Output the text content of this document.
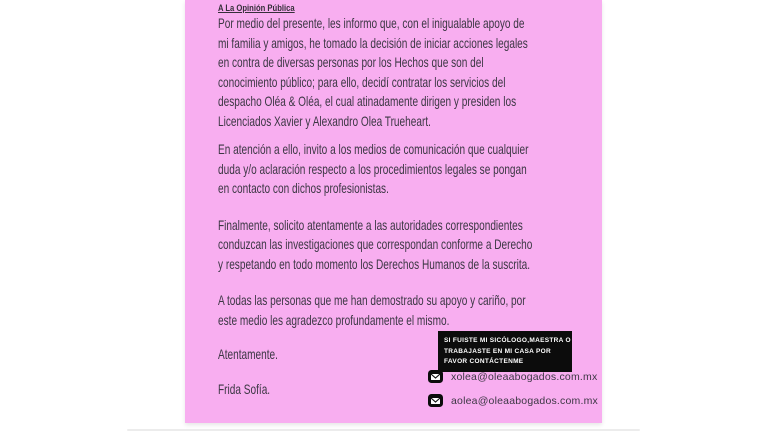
A La Opinión Pública
Por medio del presente, les informo que, con el inigualable apoyo de
mi familia y amigos, he tomado la decisión de iniciar acciones legales
en contra de diversas personas por los Hechos que son del
conocimiento público; para ello, decidí contratar los servicios del
despacho Oléa & Oléa, el cual atinadamente dirigen y presiden los
Licenciados Xavier y Alexandro Olea Trueheart.
En atención a ello, invito a los medios de comunicación que cualquier
duda y/o aclaración respecto a los procedimientos legales se pongan
en contacto con dichos profesionistas.
Finalmente, solicito atentamente a las autoridades correspondientes
conduzcan las investigaciones que correspondan conforme a Derecho
y respetando en todo momento los Derechos Humanos de la suscrita.
A todas las personas que me han demostrado su apoyo y cariño, por
este medio les agradezco profundamente el mismo.
Atentamente.
Frida Sofía.
SI FUISTE MI SICÓLOGO,MAESTRA O
TRABAJASTE EN MI CASA POR
FAVOR CONTÁCTENME
xolea@oleaabogados.com.mx
aolea@oleaabogados.com.mx
